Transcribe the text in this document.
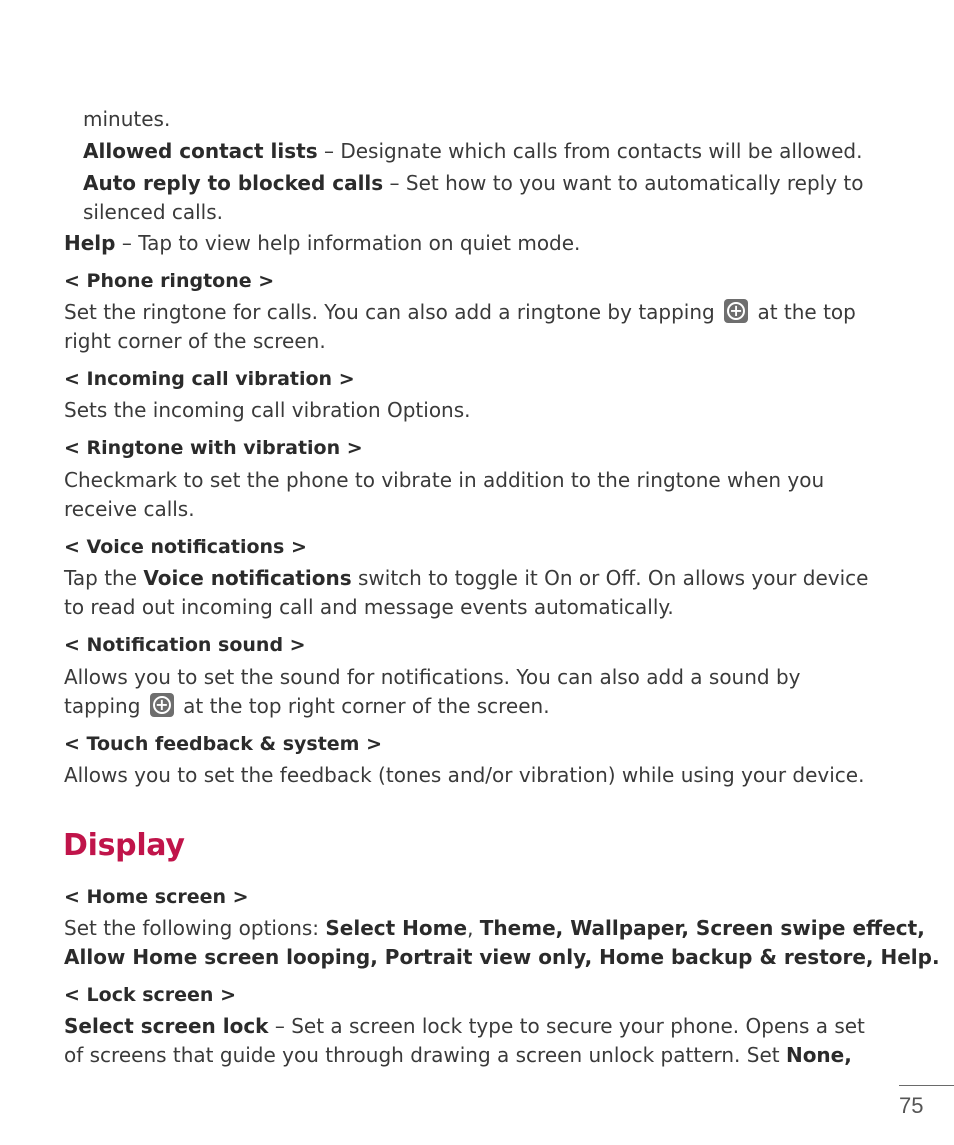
minutes.
Allowed contact lists – Designate which calls from contacts will be allowed.
Auto reply to blocked calls – Set how to you want to automatically reply to
silenced calls.
Help – Tap to view help information on quiet mode.
< Phone ringtone >
Set the ringtone for calls. You can also add a ringtone by tapping + at the top
right corner of the screen.
< Incoming call vibration >
Sets the incoming call vibration Options.
< Ringtone with vibration >
Checkmark to set the phone to vibrate in addition to the ringtone when you
receive calls.
< Voice notifications >
Tap the Voice notifications switch to toggle it On or Off. On allows your device
to read out incoming call and message events automatically.
< Notification sound >
Allows you to set the sound for notifications. You can also add a sound by
tapping + at the top right corner of the screen.
< Touch feedback & system >
Allows you to set the feedback (tones and/or vibration) while using your device.
Display
< Home screen >
Set the following options: Select Home, Theme, Wallpaper, Screen swipe effect,
Allow Home screen looping, Portrait view only, Home backup & restore, Help.
< Lock screen >
Select screen lock – Set a screen lock type to secure your phone. Opens a set
of screens that guide you through drawing a screen unlock pattern. Set None,
75
